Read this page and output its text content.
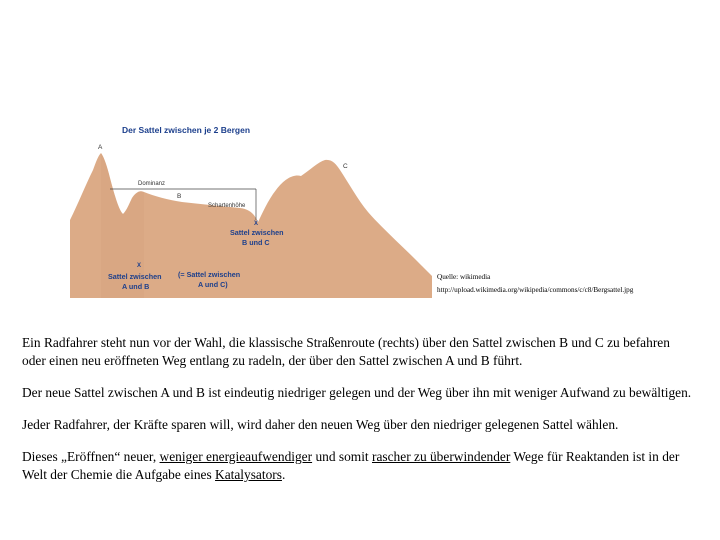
Der Sattel zwischen je 2 Bergen
A
B
C
Dominanz
Schartenhöhe
X
Sattel zwischen
B und C
X
Sattel zwischen
A und B
(= Sattel zwischen
A und C)
Quelle: wikimedia
http://upload.wikimedia.org/wikipedia/commons/c/c8/Bergsattel.jpg

Ein Radfahrer steht nun vor der Wahl, die klassische Straßenroute (rechts) über den Sattel zwischen B und C zu befahren oder einen neu eröffneten Weg entlang zu radeln, der über den Sattel zwischen A und B führt.

Der neue Sattel zwischen A und B ist eindeutig niedriger gelegen und der Weg über ihn mit weniger Aufwand zu bewältigen.

Jeder Radfahrer, der Kräfte sparen will, wird daher den neuen Weg über den niedriger gelegenen Sattel wählen.

Dieses „Eröffnen“ neuer, weniger energieaufwendiger und somit rascher zu überwindender Wege für Reaktanden ist in der Welt der Chemie die Aufgabe eines Katalysators.
